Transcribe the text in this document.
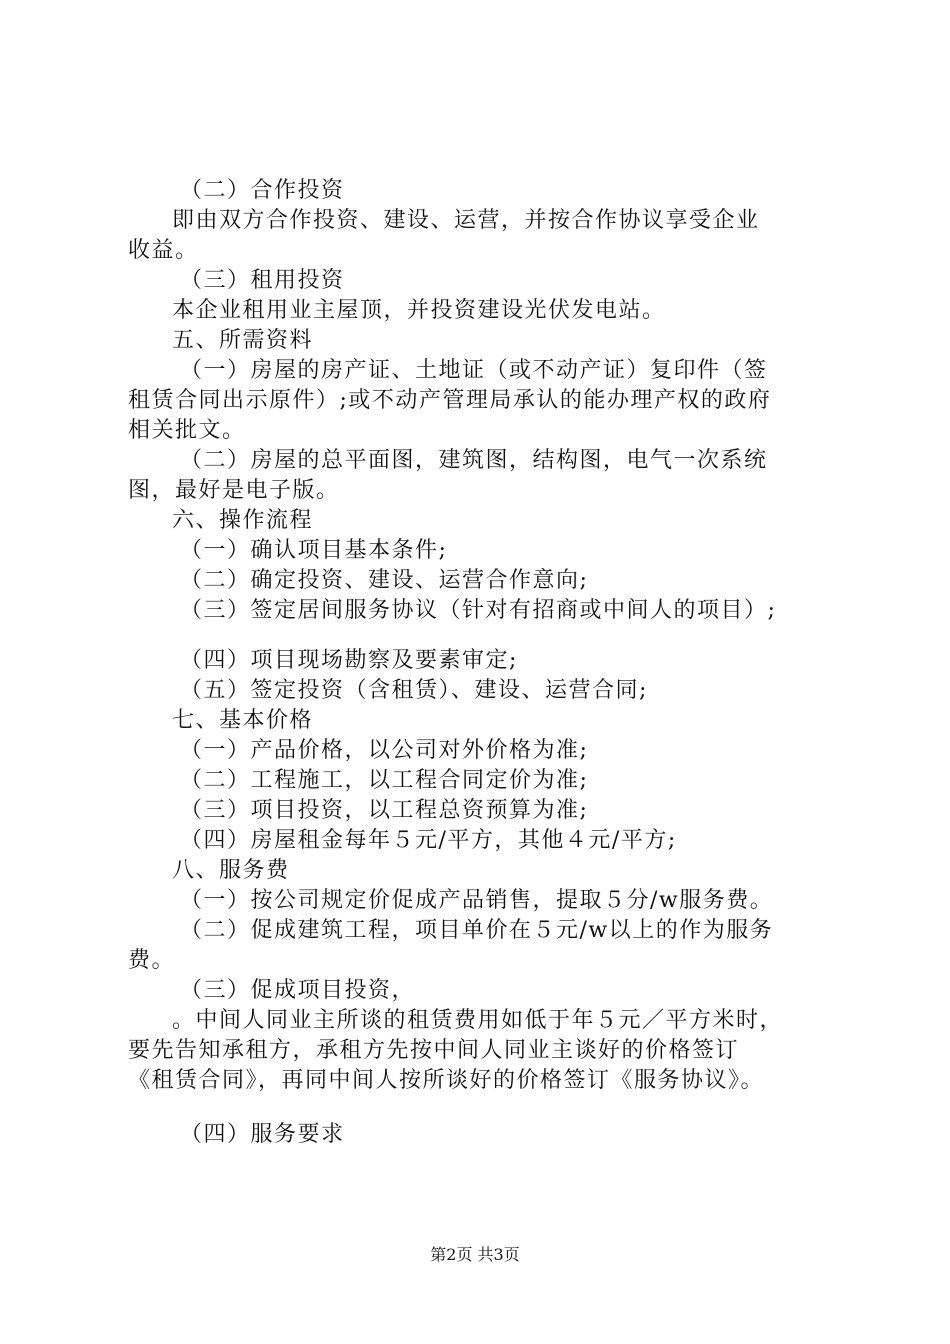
（二）合作投资
即由双方合作投资、建设、运营，并按合作协议享受企业
收益。
（三）租用投资
本企业租用业主屋顶，并投资建设光伏发电站。
五、所需资料
（一）房屋的房产证、土地证（或不动产证）复印件（签
租赁合同出示原件）;或不动产管理局承认的能办理产权的政府
相关批文。
（二）房屋的总平面图，建筑图，结构图，电气一次系统
图，最好是电子版。
六、操作流程
（一）确认项目基本条件;
（二）确定投资、建设、运营合作意向;
（三）签定居间服务协议（针对有招商或中间人的项目）;
（四）项目现场勘察及要素审定;
（五）签定投资（含租赁）、建设、运营合同;
七、基本价格
（一）产品价格，以公司对外价格为准;
（二）工程施工，以工程合同定价为准;
（三）项目投资，以工程总资预算为准;
（四）房屋租金每年５元/平方，其他４元/平方;
八、服务费
（一）按公司规定价促成产品销售，提取５分/w服务费。
（二）促成建筑工程，项目单价在５元/w以上的作为服务
费。
（三）促成项目投资，
。中间人同业主所谈的租赁费用如低于年５元／平方米时，
要先告知承租方，承租方先按中间人同业主谈好的价格签订
《租赁合同》，再同中间人按所谈好的价格签订《服务协议》。
（四）服务要求
第2页 共3页
